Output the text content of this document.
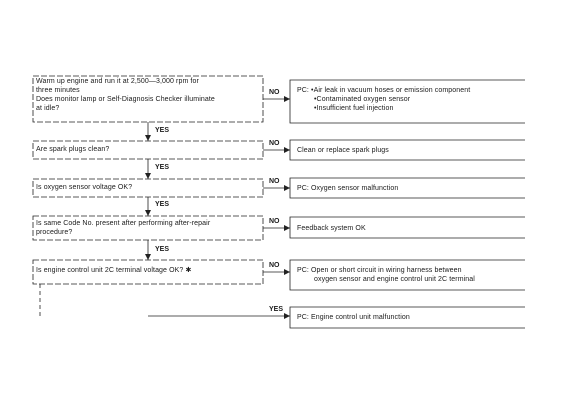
Warm up engine and run it at 2,500—3,000 rpm for
three minutes
Does monitor lamp or Self-Diagnosis Checker illuminate
at idle?
Are spark plugs clean?
Is oxygen sensor voltage OK?
Is same Code No. present after performing after-repair
procedure?
Is engine control unit 2C terminal voltage OK? ✱
PC: •Air leak in vacuum hoses or emission component
•Contaminated oxygen sensor
•Insufficient fuel injection
Clean or replace spark plugs
PC: Oxygen sensor malfunction
Feedback system OK
PC: Open or short circuit in wiring harness between
oxygen sensor and engine control unit 2C terminal
PC: Engine control unit malfunction
NO
NO
NO
NO
NO
YES
YES
YES
YES
YES
